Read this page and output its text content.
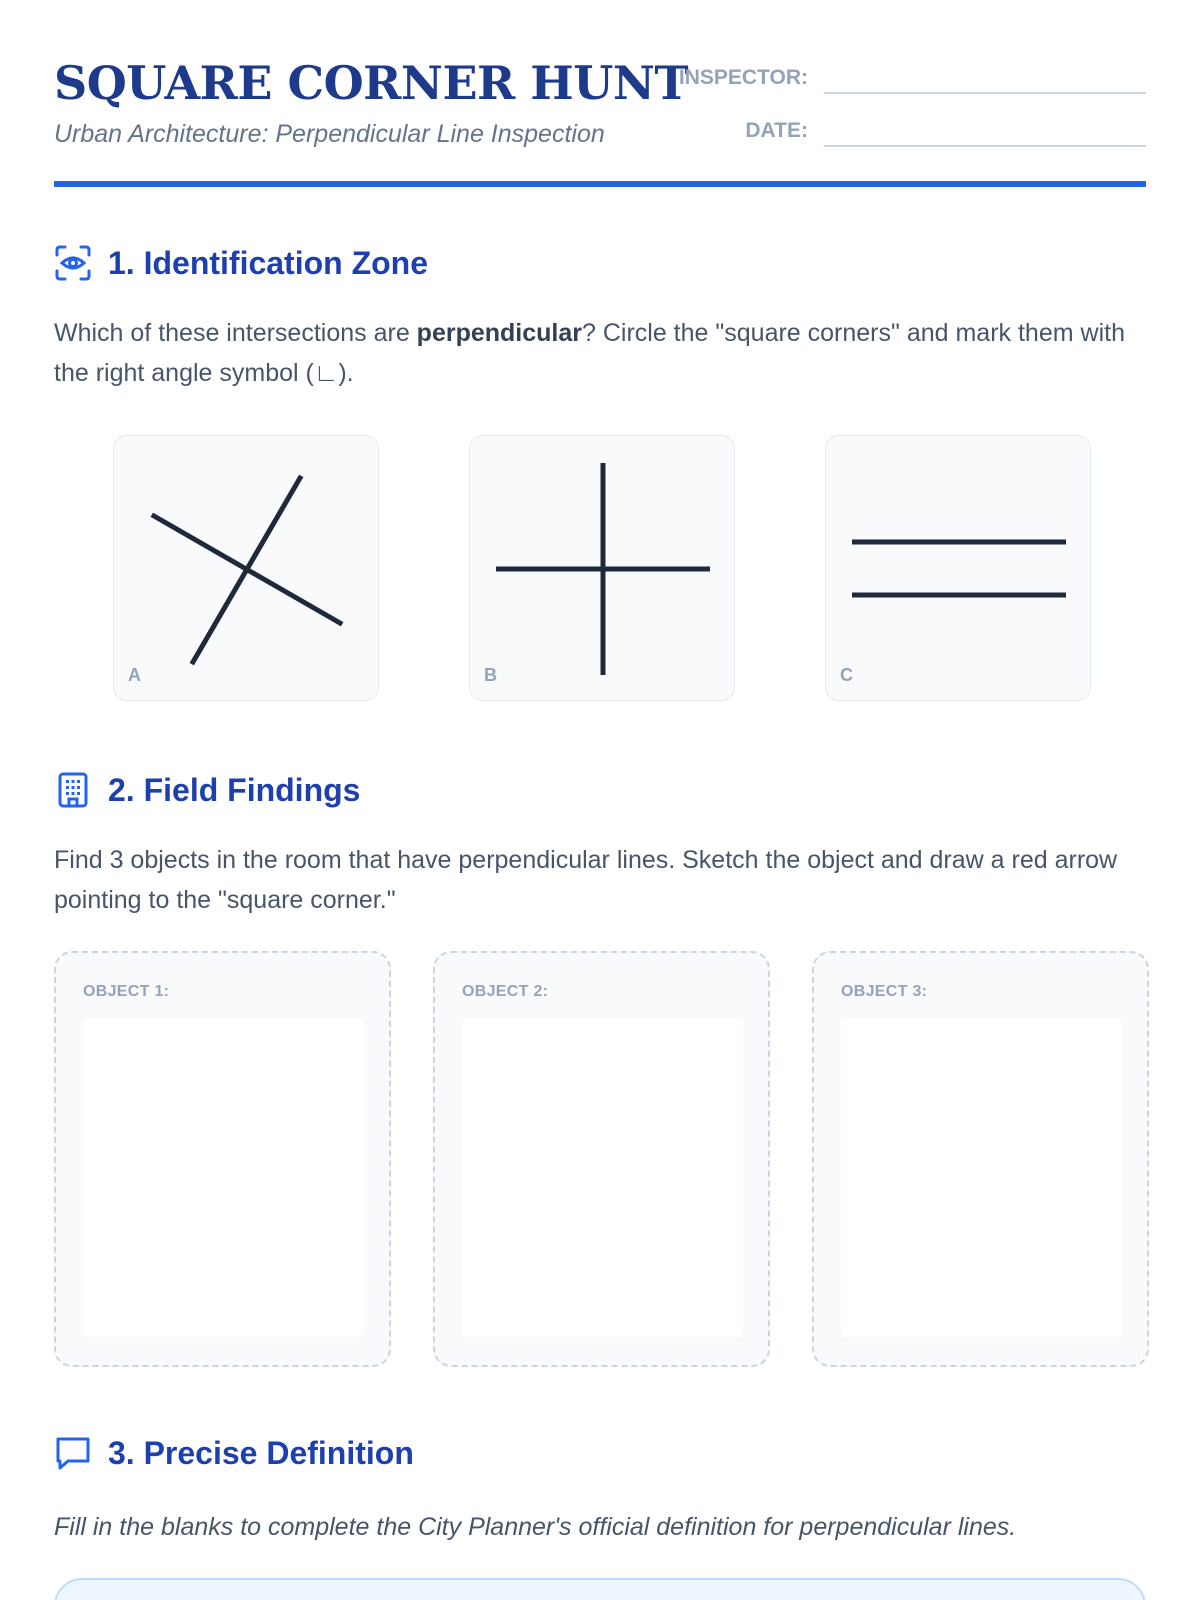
SQUARE CORNER HUNT
Urban Architecture: Perpendicular Line Inspection
INSPECTOR:
DATE:
1. Identification Zone
Which of these intersections are perpendicular? Circle the "square corners" and mark them with the right angle symbol (∟).
A	B	C
2. Field Findings
Find 3 objects in the room that have perpendicular lines. Sketch the object and draw a red arrow pointing to the "square corner."
OBJECT 1:	OBJECT 2:	OBJECT 3:
3. Precise Definition
Fill in the blanks to complete the City Planner's official definition for perpendicular lines.
